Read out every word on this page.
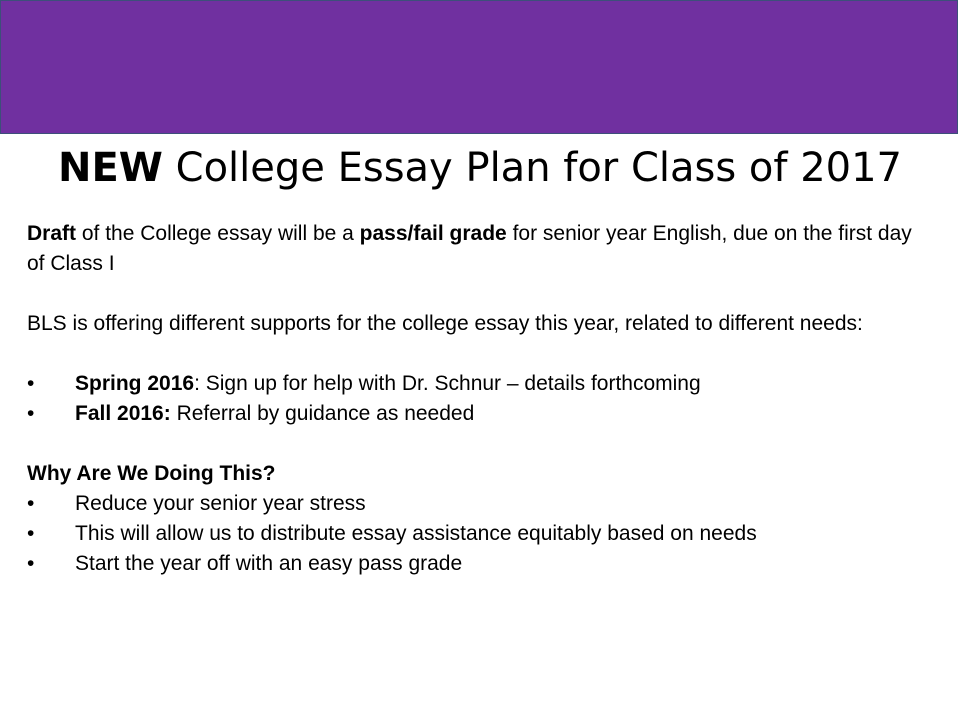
NEW College Essay Plan for Class of 2017

Draft of the College essay will be a pass/fail grade for senior year English, due on the first day of Class I

BLS is offering different supports for the college essay this year, related to different needs:

•	Spring 2016: Sign up for help with Dr. Schnur – details forthcoming
•	Fall 2016: Referral by guidance as needed

Why Are We Doing This?

•	Reduce your senior year stress
•	This will allow us to distribute essay assistance equitably based on needs
•	Start the year off with an easy pass grade
